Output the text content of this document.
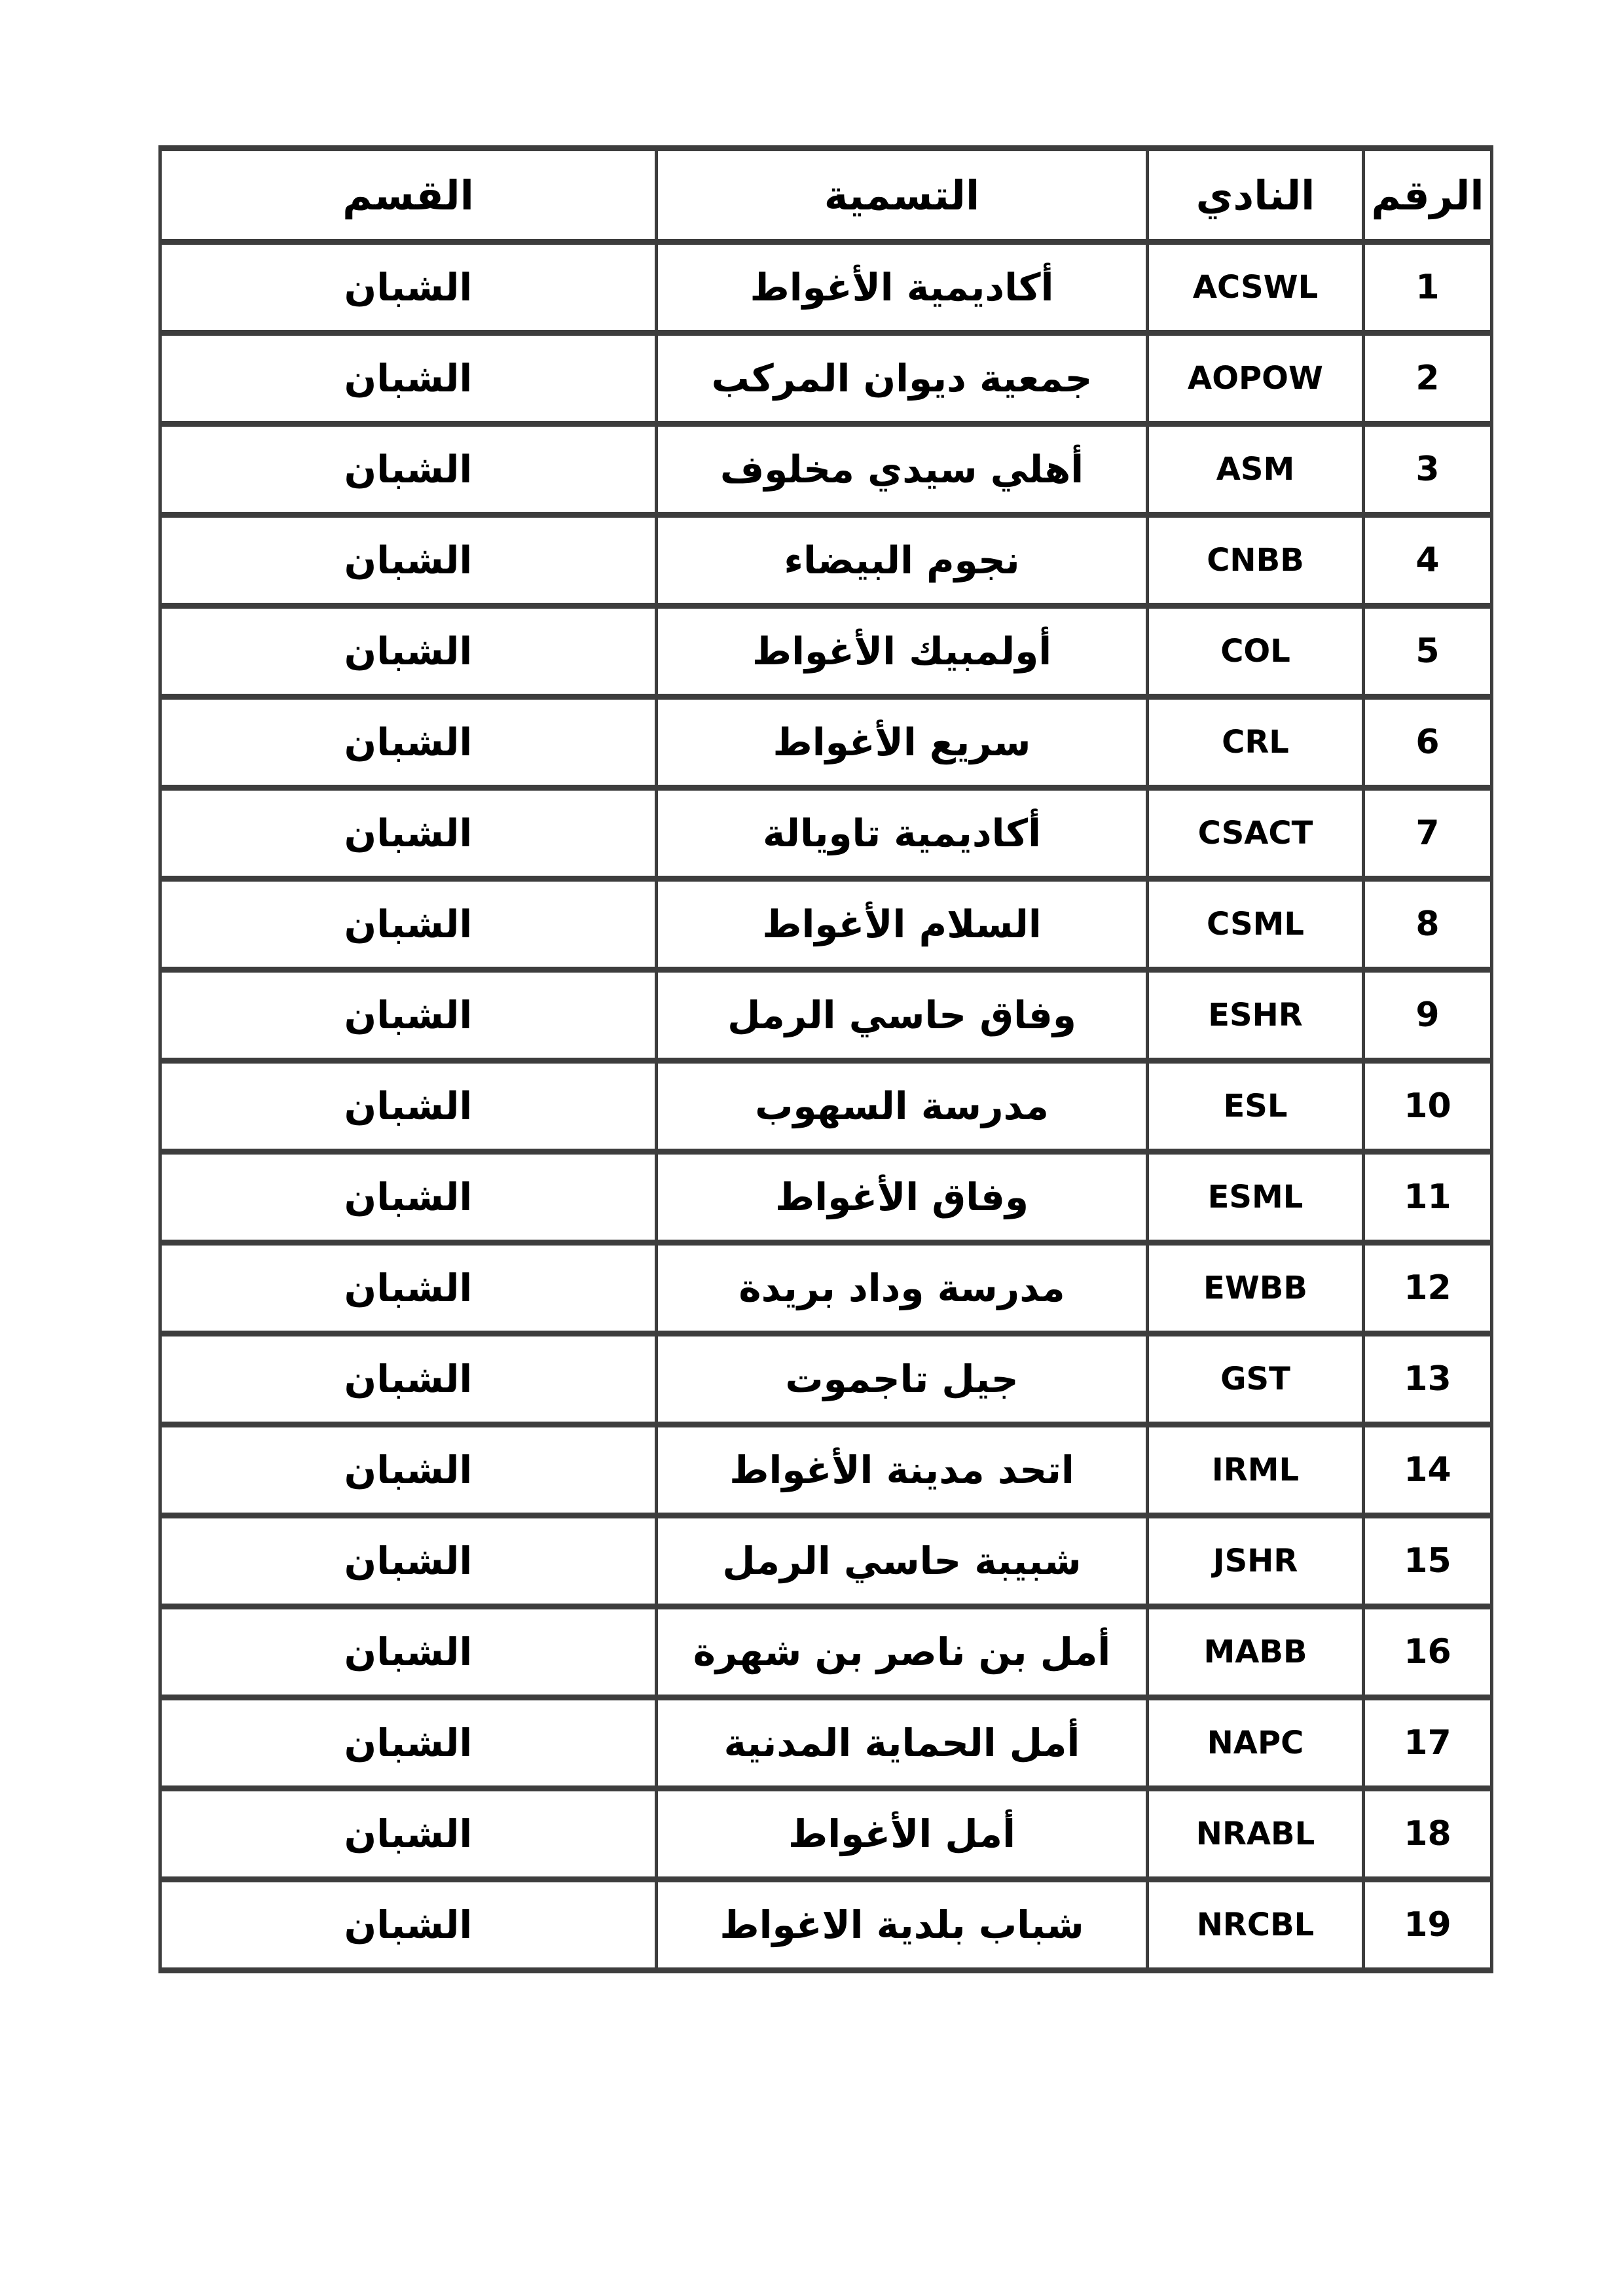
الرقم	النادي	التسمية	القسم
1	ACSWL	أكاديمية الأغواط	الشبان
2	AOPOW	جمعية ديوان المركب	الشبان
3	ASM	أهلي سيدي مخلوف	الشبان
4	CNBB	نجوم البيضاء	الشبان
5	COL	أولمبيك الأغواط	الشبان
6	CRL	سريع الأغواط	الشبان
7	CSACT	أكاديمية تاويالة	الشبان
8	CSML	السلام الأغواط	الشبان
9	ESHR	وفاق حاسي الرمل	الشبان
10	ESL	مدرسة السهوب	الشبان
11	ESML	وفاق الأغواط	الشبان
12	EWBB	مدرسة وداد بريدة	الشبان
13	GST	جيل تاجموت	الشبان
14	IRML	اتحد مدينة الأغواط	الشبان
15	JSHR	شبيبة حاسي الرمل	الشبان
16	MABB	أمل بن ناصر بن شهرة	الشبان
17	NAPC	أمل الحماية المدنية	الشبان
18	NRABL	أمل الأغواط	الشبان
19	NRCBL	شباب بلدية الاغواط	الشبان
